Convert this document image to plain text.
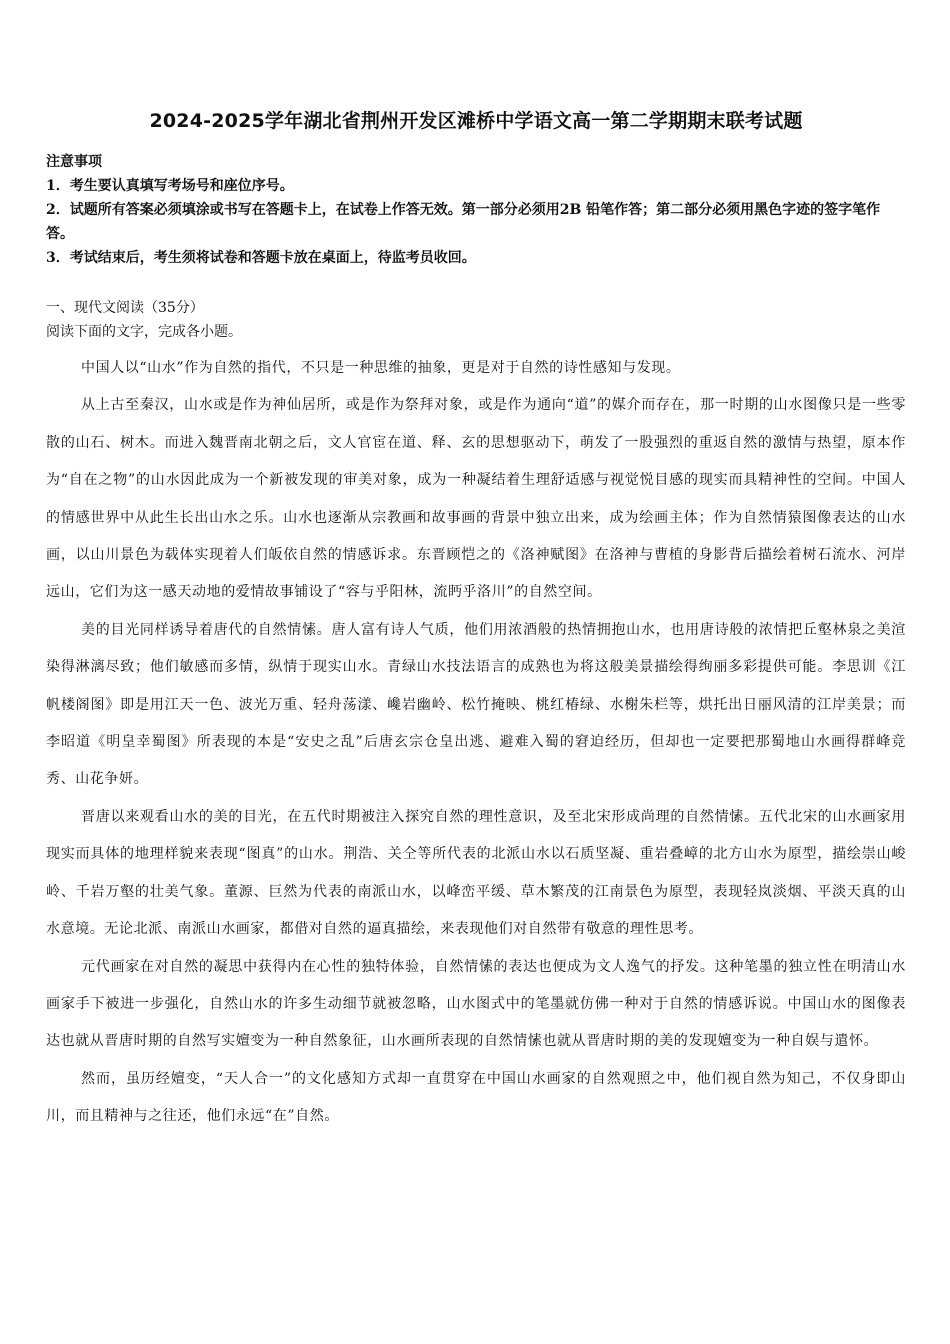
2024-2025学年湖北省荆州开发区滩桥中学语文高一第二学期期末联考试题
注意事项
1．考生要认真填写考场号和座位序号。
2．试题所有答案必须填涂或书写在答题卡上，在试卷上作答无效。第一部分必须用2B 铅笔作答；第二部分必须用黑色字迹的签字笔作答。
3．考试结束后，考生须将试卷和答题卡放在桌面上，待监考员收回。
一、现代文阅读（35分）
阅读下面的文字，完成各小题。

中国人以“山水”作为自然的指代，不只是一种思维的抽象，更是对于自然的诗性感知与发现。

从上古至秦汉，山水或是作为神仙居所，或是作为祭拜对象，或是作为通向“道”的媒介而存在，那一时期的山水图像只是一些零散的山石、树木。而进入魏晋南北朝之后，文人官宦在道、释、玄的思想驱动下，萌发了一股强烈的重返自然的激情与热望，原本作为“自在之物”的山水因此成为一个新被发现的审美对象，成为一种凝结着生理舒适感与视觉悦目感的现实而具精神性的空间。中国人的情感世界中从此生长出山水之乐。山水也逐渐从宗教画和故事画的背景中独立出来，成为绘画主体；作为自然情猿图像表达的山水画，以山川景色为载体实现着人们皈依自然的情感诉求。东晋顾恺之的《洛神赋图》在洛神与曹植的身影背后描绘着树石流水、河岸远山，它们为这一感天动地的爱情故事铺设了“容与乎阳林，流眄乎洛川”的自然空间。

美的目光同样诱导着唐代的自然情愫。唐人富有诗人气质，他们用浓酒般的热情拥抱山水，也用唐诗般的浓情把丘壑林泉之美渲染得淋漓尽致；他们敏感而多情，纵情于现实山水。青绿山水技法语言的成熟也为将这般美景描绘得绚丽多彩提供可能。李思训《江帆楼阁图》即是用江天一色、波光万重、轻舟荡漾、巉岩幽岭、松竹掩映、桃红椿绿、水榭朱栏等，烘托出日丽风清的江岸美景；而李昭道《明皇幸蜀图》所表现的本是“安史之乱”后唐玄宗仓皇出逃、避难入蜀的窘迫经历，但却也一定要把那蜀地山水画得群峰竞秀、山花争妍。

晋唐以来观看山水的美的目光，在五代时期被注入探究自然的理性意识，及至北宋形成尚理的自然情愫。五代北宋的山水画家用现实而具体的地理样貌来表现“图真”的山水。荆浩、关仝等所代表的北派山水以石质坚凝、重岩叠嶂的北方山水为原型，描绘崇山峻岭、千岩万壑的壮美气象。董源、巨然为代表的南派山水，以峰峦平缓、草木繁茂的江南景色为原型，表现轻岚淡烟、平淡天真的山水意境。无论北派、南派山水画家，都借对自然的逼真描绘，来表现他们对自然带有敬意的理性思考。

元代画家在对自然的凝思中获得内在心性的独特体验，自然情愫的表达也便成为文人逸气的抒发。这种笔墨的独立性在明清山水画家手下被进一步强化，自然山水的许多生动细节就被忽略，山水图式中的笔墨就仿佛一种对于自然的情感诉说。中国山水的图像表达也就从晋唐时期的自然写实嬗变为一种自然象征，山水画所表现的自然情愫也就从晋唐时期的美的发现嬗变为一种自娱与遣怀。

然而，虽历经嬗变，“天人合一”的文化感知方式却一直贯穿在中国山水画家的自然观照之中，他们视自然为知己，不仅身即山川，而且精神与之往还，他们永远“在”自然。
